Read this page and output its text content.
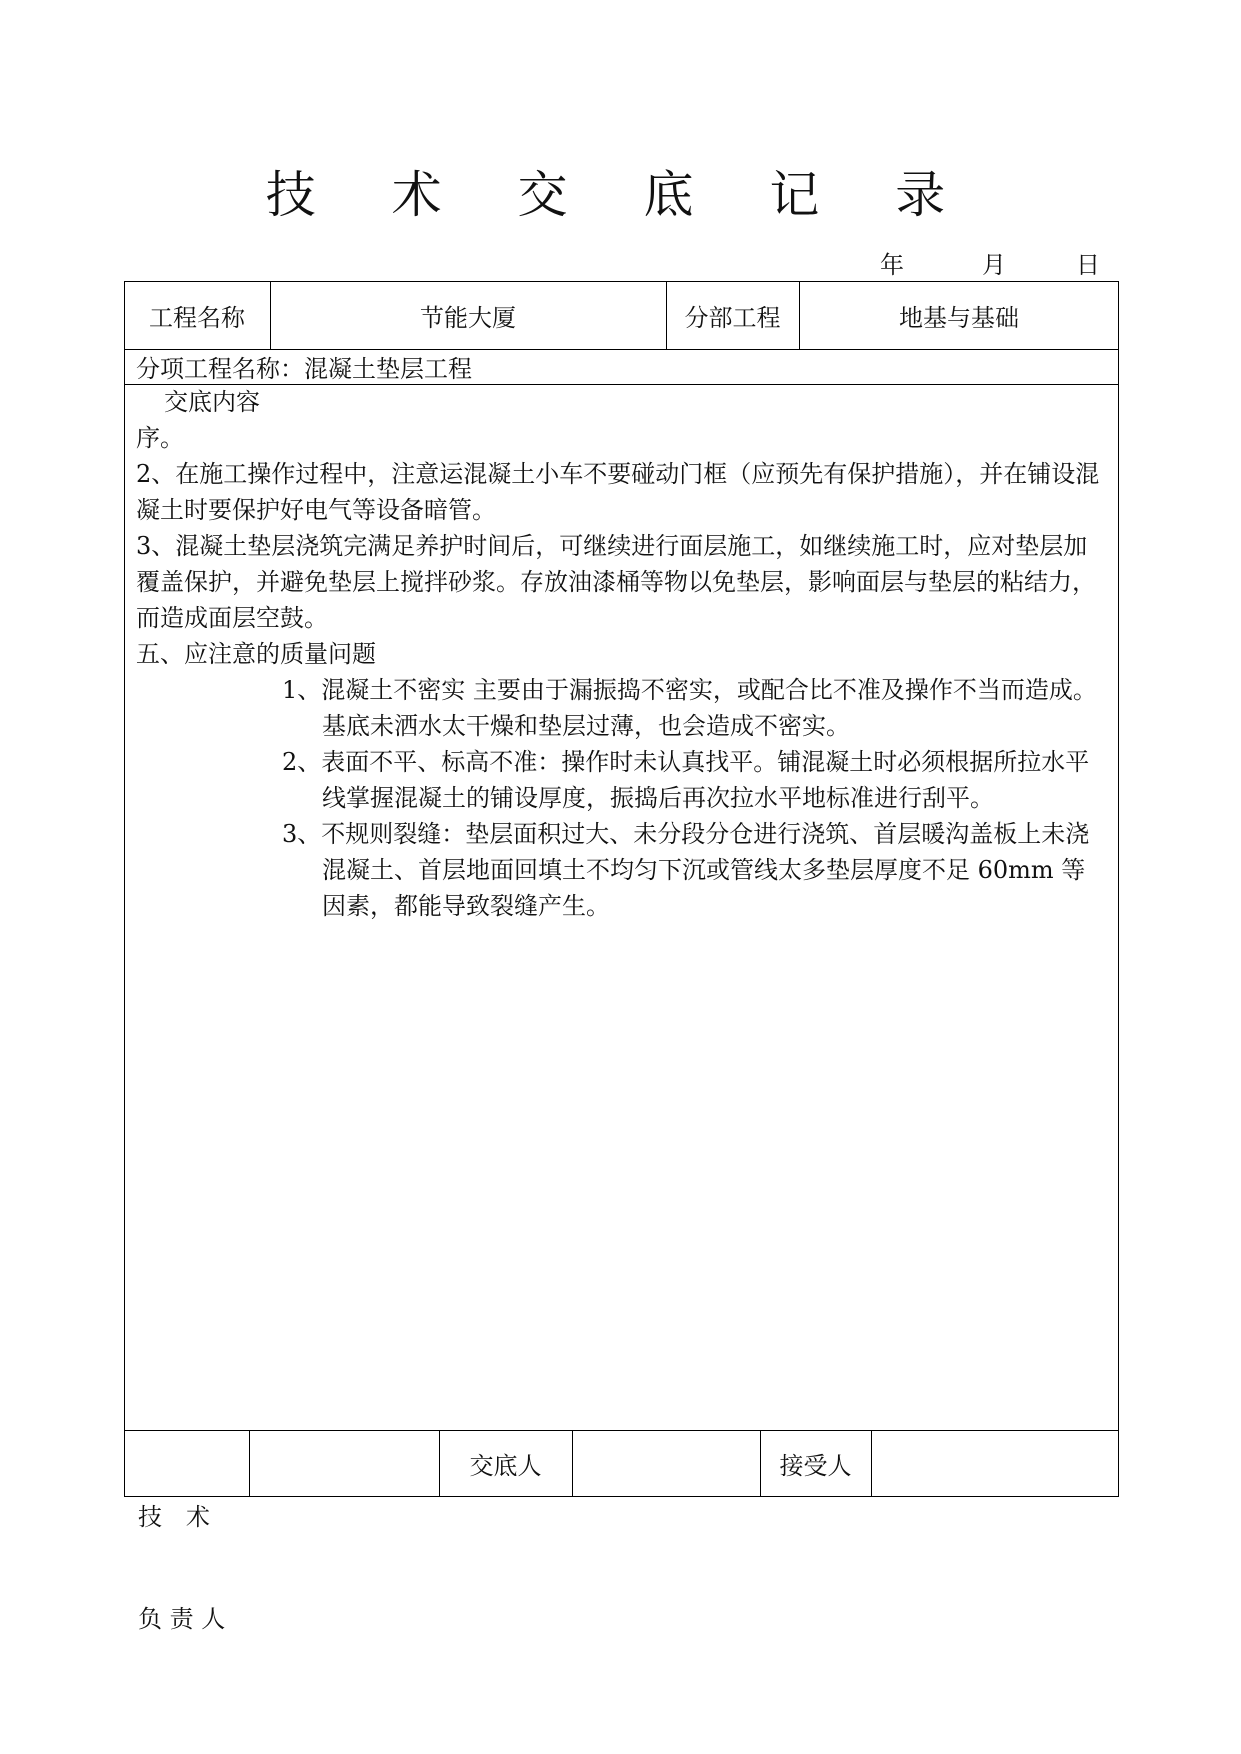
技 术 交 底 记 录
年	月	日
工程名称	节能大厦	分部工程	地基与基础
分项工程名称：混凝土垫层工程

交底内容

序。

2、在施工操作过程中，注意运混凝土小车不要碰动门框（应预先有保护措施），并在铺设混凝土时要保护好电气等设备暗管。

3、混凝土垫层浇筑完满足养护时间后，可继续进行面层施工，如继续施工时，应对垫层加覆盖保护，并避免垫层上搅拌砂浆。存放油漆桶等物以免垫层，影响面层与垫层的粘结力，而造成面层空鼓。

五、应注意的质量问题

1、混凝土不密实 主要由于漏振捣不密实，或配合比不准及操作不当而造成。基底未洒水太干燥和垫层过薄，也会造成不密实。

2、表面不平、标高不准：操作时未认真找平。铺混凝土时必须根据所拉水平线掌握混凝土的铺设厚度，振捣后再次拉水平地标准进行刮平。

3、不规则裂缝：垫层面积过大、未分段分仓进行浇筑、首层暖沟盖板上未浇混凝土、首层地面回填土不均匀下沉或管线太多垫层厚度不足 60mm 等因素，都能导致裂缝产生。

技　术

负 责 人

交底人	接受人
